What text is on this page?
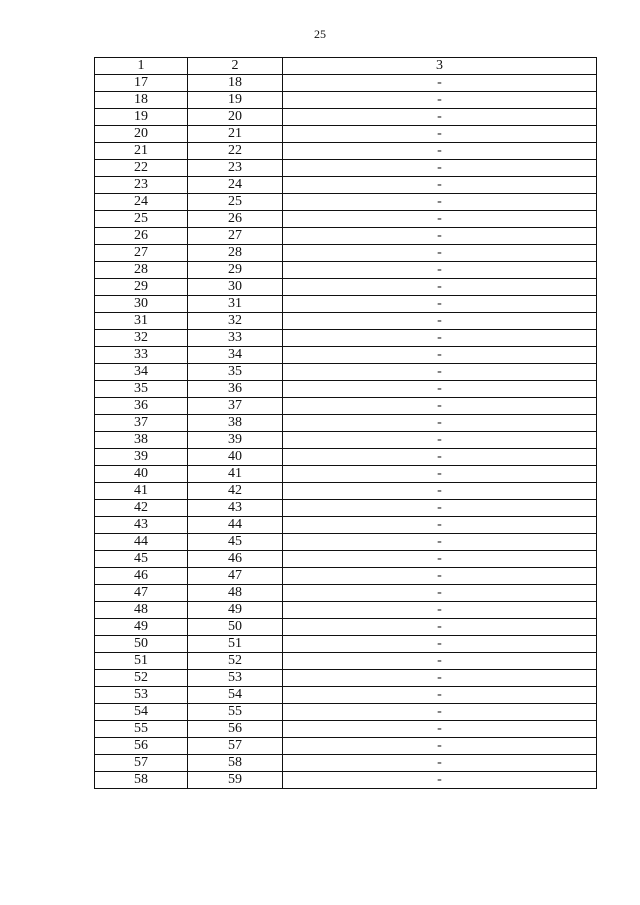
25
1	2	3
17	18	-
18	19	-
19	20	-
20	21	-
21	22	-
22	23	-
23	24	-
24	25	-
25	26	-
26	27	-
27	28	-
28	29	-
29	30	-
30	31	-
31	32	-
32	33	-
33	34	-
34	35	-
35	36	-
36	37	-
37	38	-
38	39	-
39	40	-
40	41	-
41	42	-
42	43	-
43	44	-
44	45	-
45	46	-
46	47	-
47	48	-
48	49	-
49	50	-
50	51	-
51	52	-
52	53	-
53	54	-
54	55	-
55	56	-
56	57	-
57	58	-
58	59	-
